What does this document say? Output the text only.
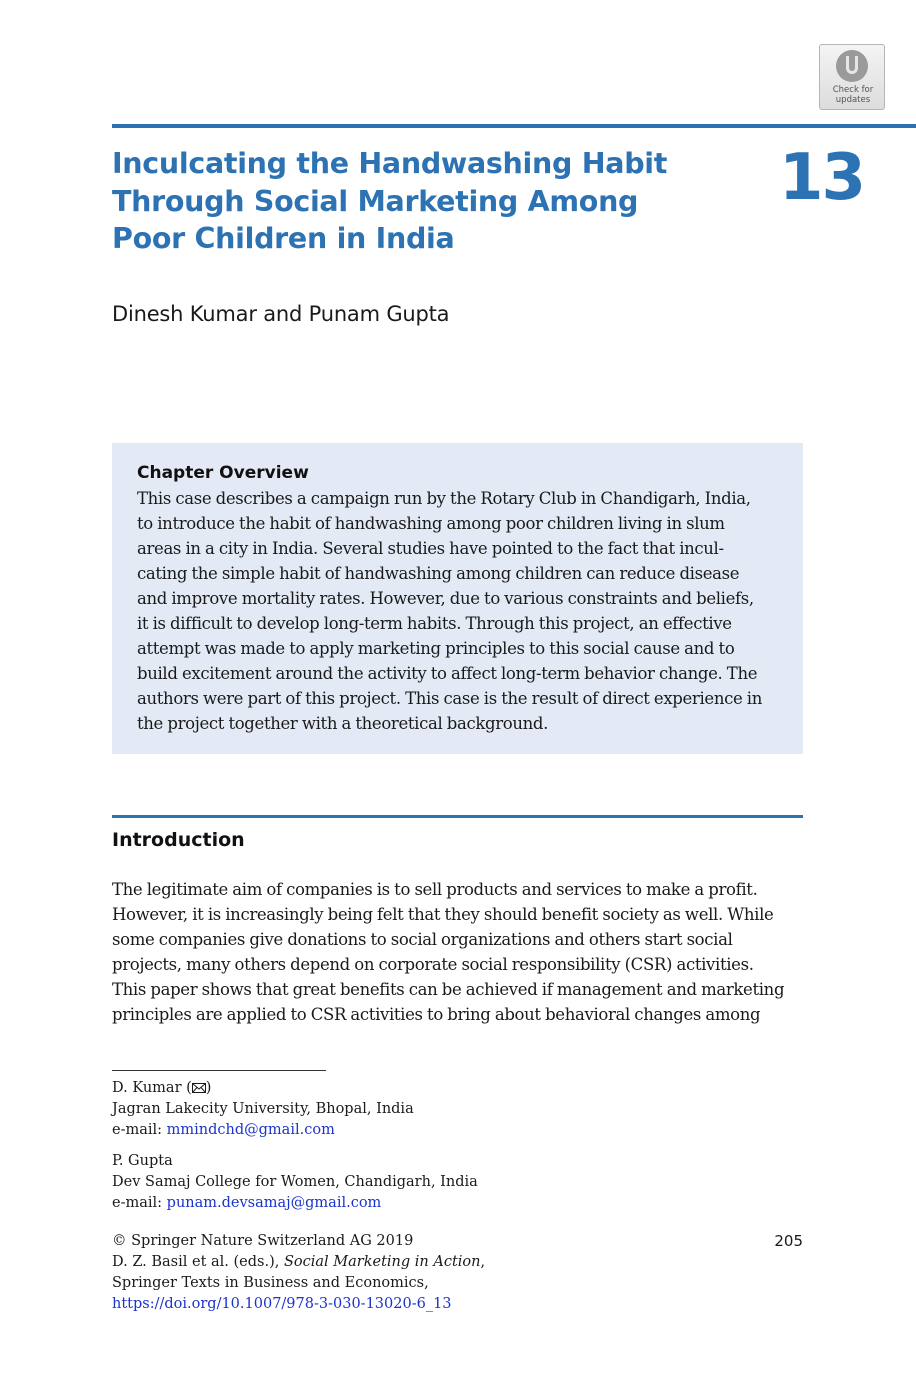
Check for
updates
Inculcating the Handwashing Habit
Through Social Marketing Among
Poor Children in India
13
Dinesh Kumar and Punam Gupta
Chapter Overview
This case describes a campaign run by the Rotary Club in Chandigarh, India,
to introduce the habit of handwashing among poor children living in slum
areas in a city in India. Several studies have pointed to the fact that incul-
cating the simple habit of handwashing among children can reduce disease
and improve mortality rates. However, due to various constraints and beliefs,
it is difficult to develop long-term habits. Through this project, an effective
attempt was made to apply marketing principles to this social cause and to
build excitement around the activity to affect long-term behavior change. The
authors were part of this project. This case is the result of direct experience in
the project together with a theoretical background.
Introduction
The legitimate aim of companies is to sell products and services to make a profit.
However, it is increasingly being felt that they should benefit society as well. While
some companies give donations to social organizations and others start social
projects, many others depend on corporate social responsibility (CSR) activities.
This paper shows that great benefits can be achieved if management and marketing
principles are applied to CSR activities to bring about behavioral changes among
D. Kumar ( )
Jagran Lakecity University, Bhopal, India
e-mail: mmindchd@gmail.com
P. Gupta
Dev Samaj College for Women, Chandigarh, India
e-mail: punam.devsamaj@gmail.com
© Springer Nature Switzerland AG 2019
D. Z. Basil et al. (eds.), Social Marketing in Action,
Springer Texts in Business and Economics,
https://doi.org/10.1007/978-3-030-13020-6_13
205
